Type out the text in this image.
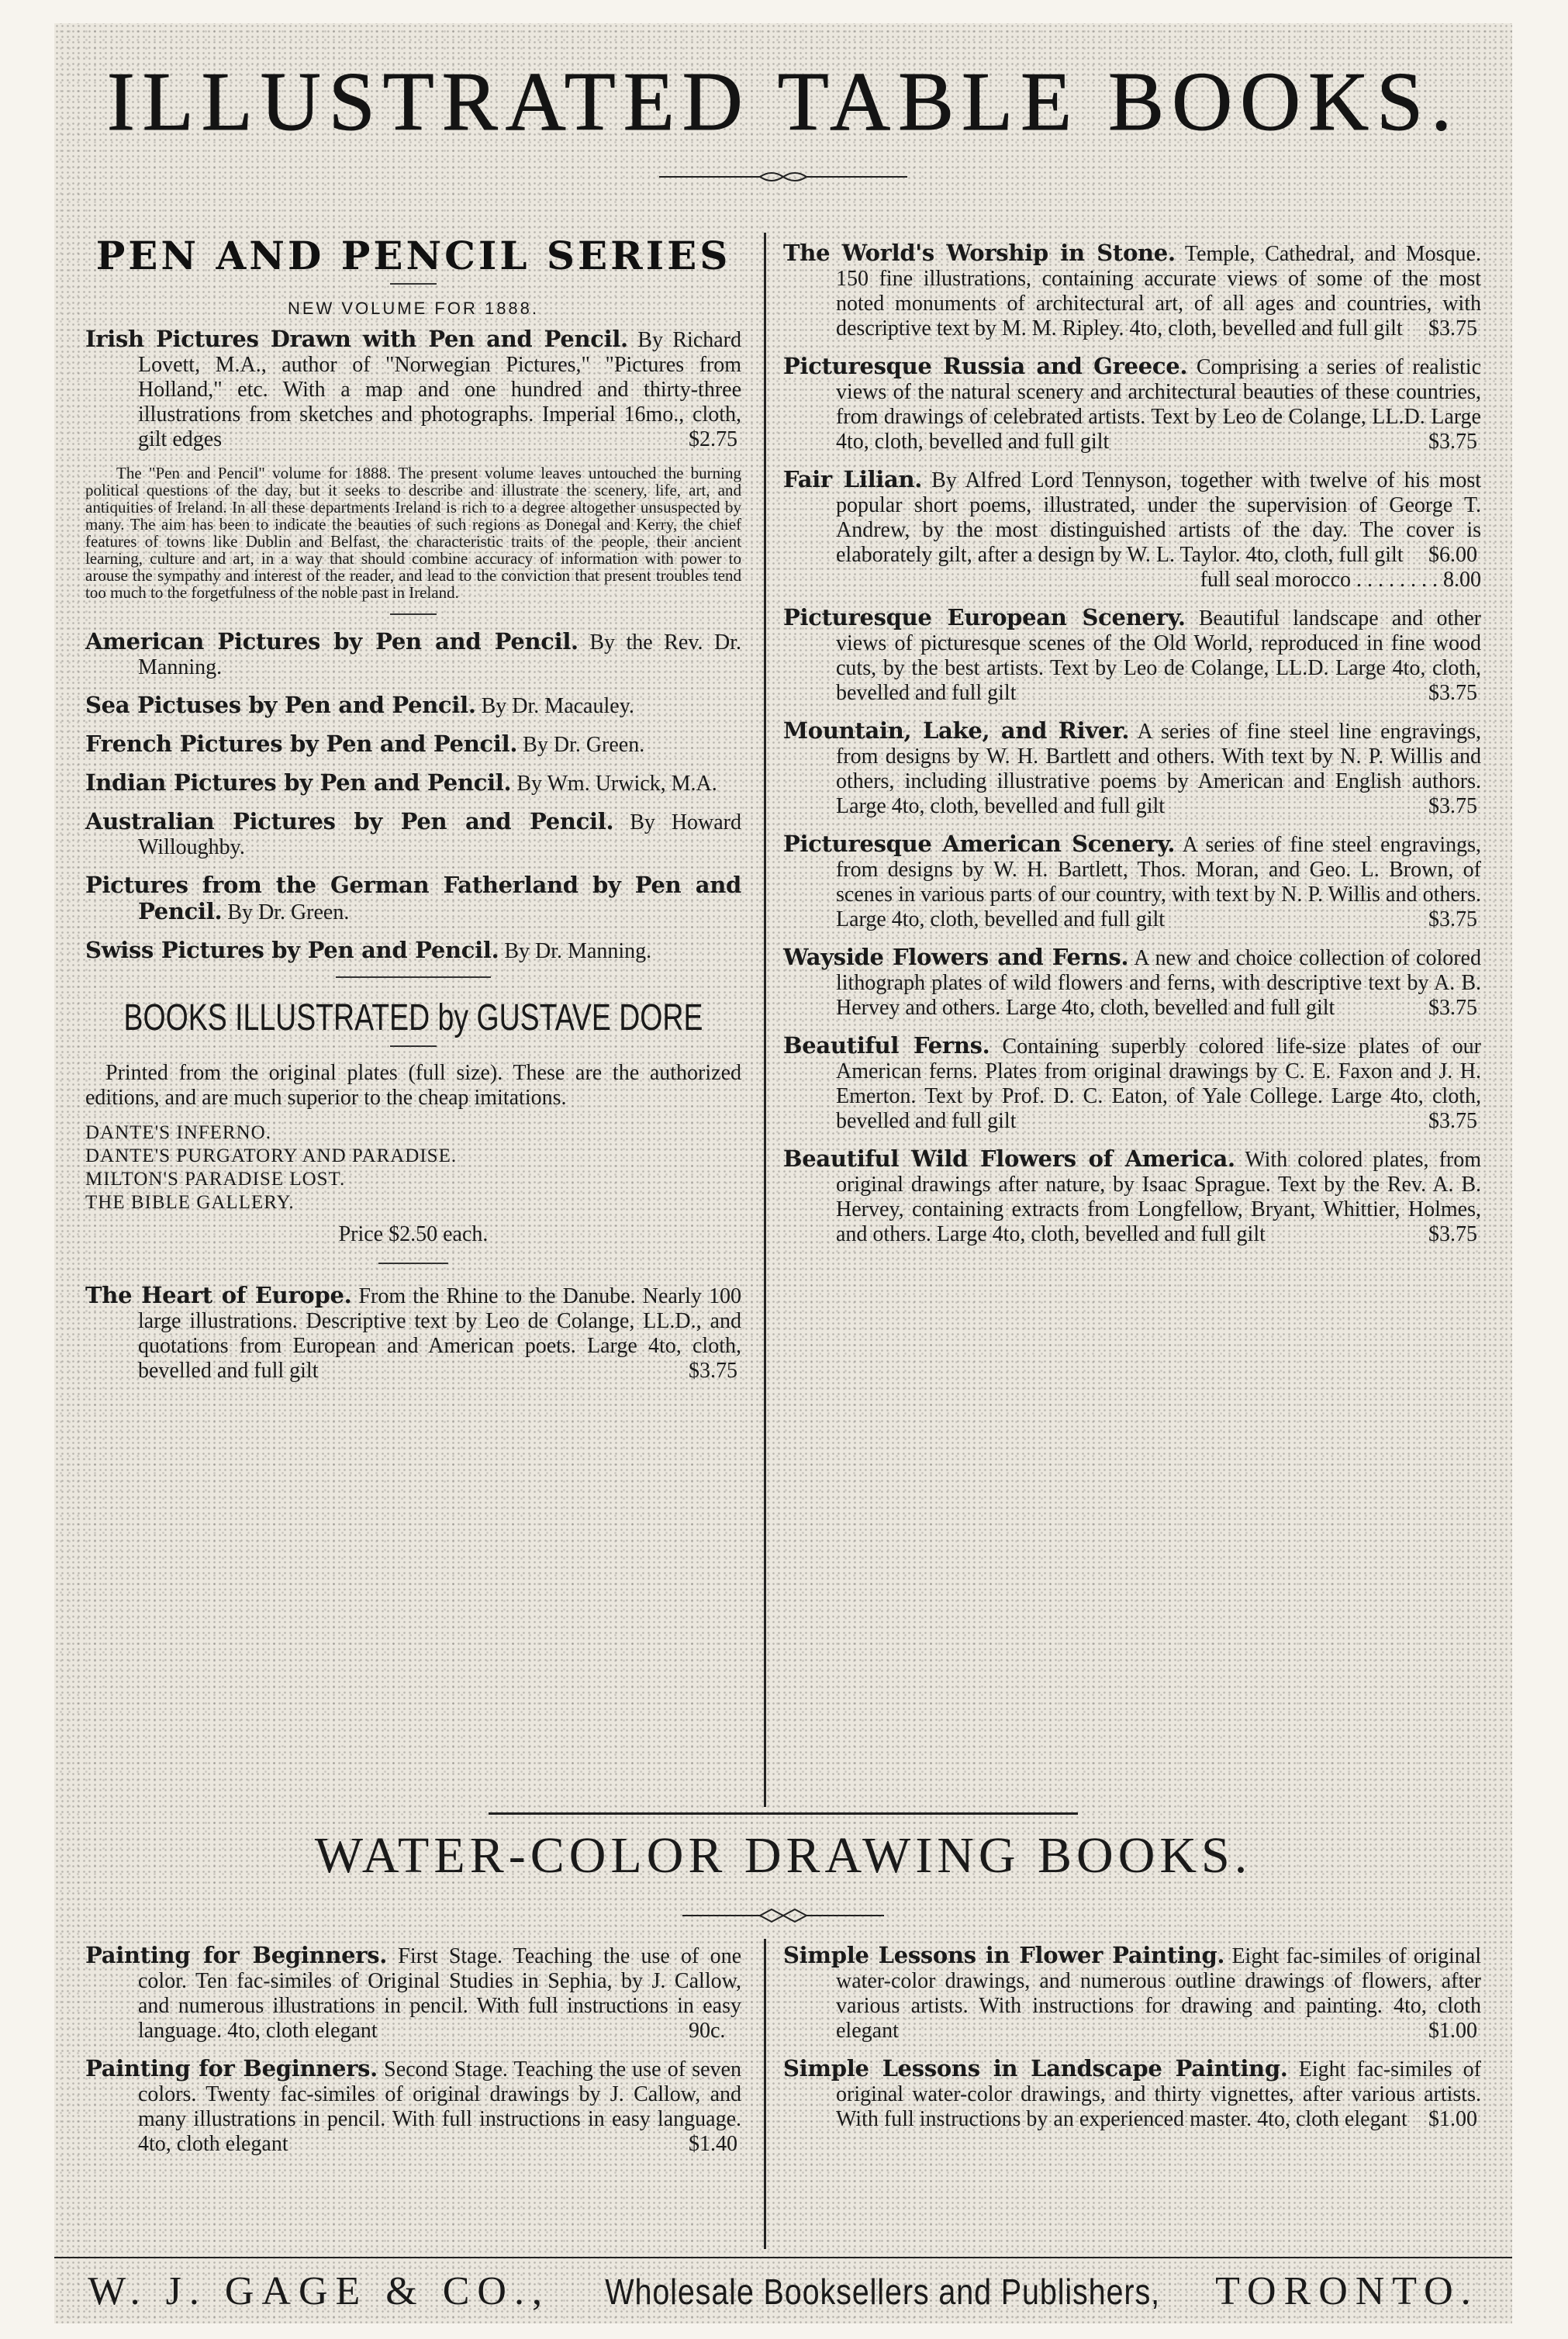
ILLUSTRATED TABLE BOOKS.
PEN AND PENCIL SERIES
NEW VOLUME FOR 1888.
Irish Pictures Drawn with Pen and Pencil. By Richard Lovett, M.A., author of "Norwegian Pictures," "Pictures from Holland," etc. With a map and one hundred and thirty-three illustrations from sketches and photographs. Imperial 16mo., cloth, gilt edges	$2.75
The "Pen and Pencil" volume for 1888. The present volume leaves untouched the burning political questions of the day, but it seeks to describe and illustrate the scenery, life, art, and antiquities of Ireland. In all these departments Ireland is rich to a degree altogether unsuspected by many. The aim has been to indicate the beauties of such regions as Donegal and Kerry, the chief features of towns like Dublin and Belfast, the characteristic traits of the people, their ancient learning, culture and art, in a way that should combine accuracy of information with power to arouse the sympathy and interest of the reader, and lead to the conviction that present troubles tend too much to the forgetfulness of the noble past in Ireland.
American Pictures by Pen and Pencil. By the Rev. Dr. Manning.
Sea Pictuses by Pen and Pencil. By Dr. Macauley.
French Pictures by Pen and Pencil. By Dr. Green.
Indian Pictures by Pen and Pencil. By Wm. Urwick, M.A.
Australian Pictures by Pen and Pencil. By Howard Willoughby.
Pictures from the German Fatherland by Pen and Pencil. By Dr. Green.
Swiss Pictures by Pen and Pencil. By Dr. Manning.
BOOKS ILLUSTRATED by GUSTAVE DORE
Printed from the original plates (full size). These are the authorized editions, and are much superior to the cheap imitations.
DANTE'S INFERNO.
DANTE'S PURGATORY AND PARADISE.
MILTON'S PARADISE LOST.
THE BIBLE GALLERY.
Price $2.50 each.
The Heart of Europe. From the Rhine to the Danube. Nearly 100 large illustrations. Descriptive text by Leo de Colange, LL.D., and quotations from European and American poets. Large 4to, cloth, bevelled and full gilt	$3.75
The World's Worship in Stone. Temple, Cathedral, and Mosque. 150 fine illustrations, containing accurate views of some of the most noted monuments of architectural art, of all ages and countries, with descriptive text by M. M. Ripley. 4to, cloth, bevelled and full gilt $3.75
Picturesque Russia and Greece. Comprising a series of realistic views of the natural scenery and architectural beauties of these countries, from drawings of celebrated artists. Text by Leo de Colange, LL.D. Large 4to, cloth, bevelled and full gilt	$3.75
Fair Lilian. By Alfred Lord Tennyson, together with twelve of his most popular short poems, illustrated, under the supervision of George T. Andrew, by the most distinguished artists of the day. The cover is elaborately gilt, after a design by W. L. Taylor. 4to, cloth, full gilt $6.00
full seal morocco . . . . . . . . 8.00
Picturesque European Scenery. Beautiful landscape and other views of picturesque scenes of the Old World, reproduced in fine wood cuts, by the best artists. Text by Leo de Colange, LL.D. Large 4to, cloth, bevelled and full gilt	$3.75
Mountain, Lake, and River. A series of fine steel line engravings, from designs by W. H. Bartlett and others. With text by N. P. Willis and others, including illustrative poems by American and English authors. Large 4to, cloth, bevelled and full gilt	$3.75
Picturesque American Scenery. A series of fine steel engravings, from designs by W. H. Bartlett, Thos. Moran, and Geo. L. Brown, of scenes in various parts of our country, with text by N. P. Willis and others. Large 4to, cloth, bevelled and full gilt	$3.75
Wayside Flowers and Ferns. A new and choice collection of colored lithograph plates of wild flowers and ferns, with descriptive text by A. B. Hervey and others. Large 4to, cloth, bevelled and full gilt	$3.75
Beautiful Ferns. Containing superbly colored life-size plates of our American ferns. Plates from original drawings by C. E. Faxon and J. H. Emerton. Text by Prof. D. C. Eaton, of Yale College. Large 4to, cloth, bevelled and full gilt	$3.75
Beautiful Wild Flowers of America. With colored plates, from original drawings after nature, by Isaac Sprague. Text by the Rev. A. B. Hervey, containing extracts from Longfellow, Bryant, Whittier, Holmes, and others. Large 4to, cloth, bevelled and full gilt	$3.75
WATER-COLOR DRAWING BOOKS.
Painting for Beginners. First Stage. Teaching the use of one color. Ten fac-similes of Original Studies in Sephia, by J. Callow, and numerous illustrations in pencil. With full instructions in easy language. 4to, cloth elegant	90c.
Painting for Beginners. Second Stage. Teaching the use of seven colors. Twenty fac-similes of original drawings by J. Callow, and many illustrations in pencil. With full instructions in easy language. 4to, cloth elegant	$1.40
Simple Lessons in Flower Painting. Eight fac-similes of original water-color drawings, and numerous outline drawings of flowers, after various artists. With instructions for drawing and painting. 4to, cloth elegant	$1.00
Simple Lessons in Landscape Painting. Eight fac-similes of original water-color drawings, and thirty vignettes, after various artists. With full instructions by an experienced master. 4to, cloth elegant $1.00
W. J. GAGE & CO., Wholesale Booksellers and Publishers, TORONTO.
